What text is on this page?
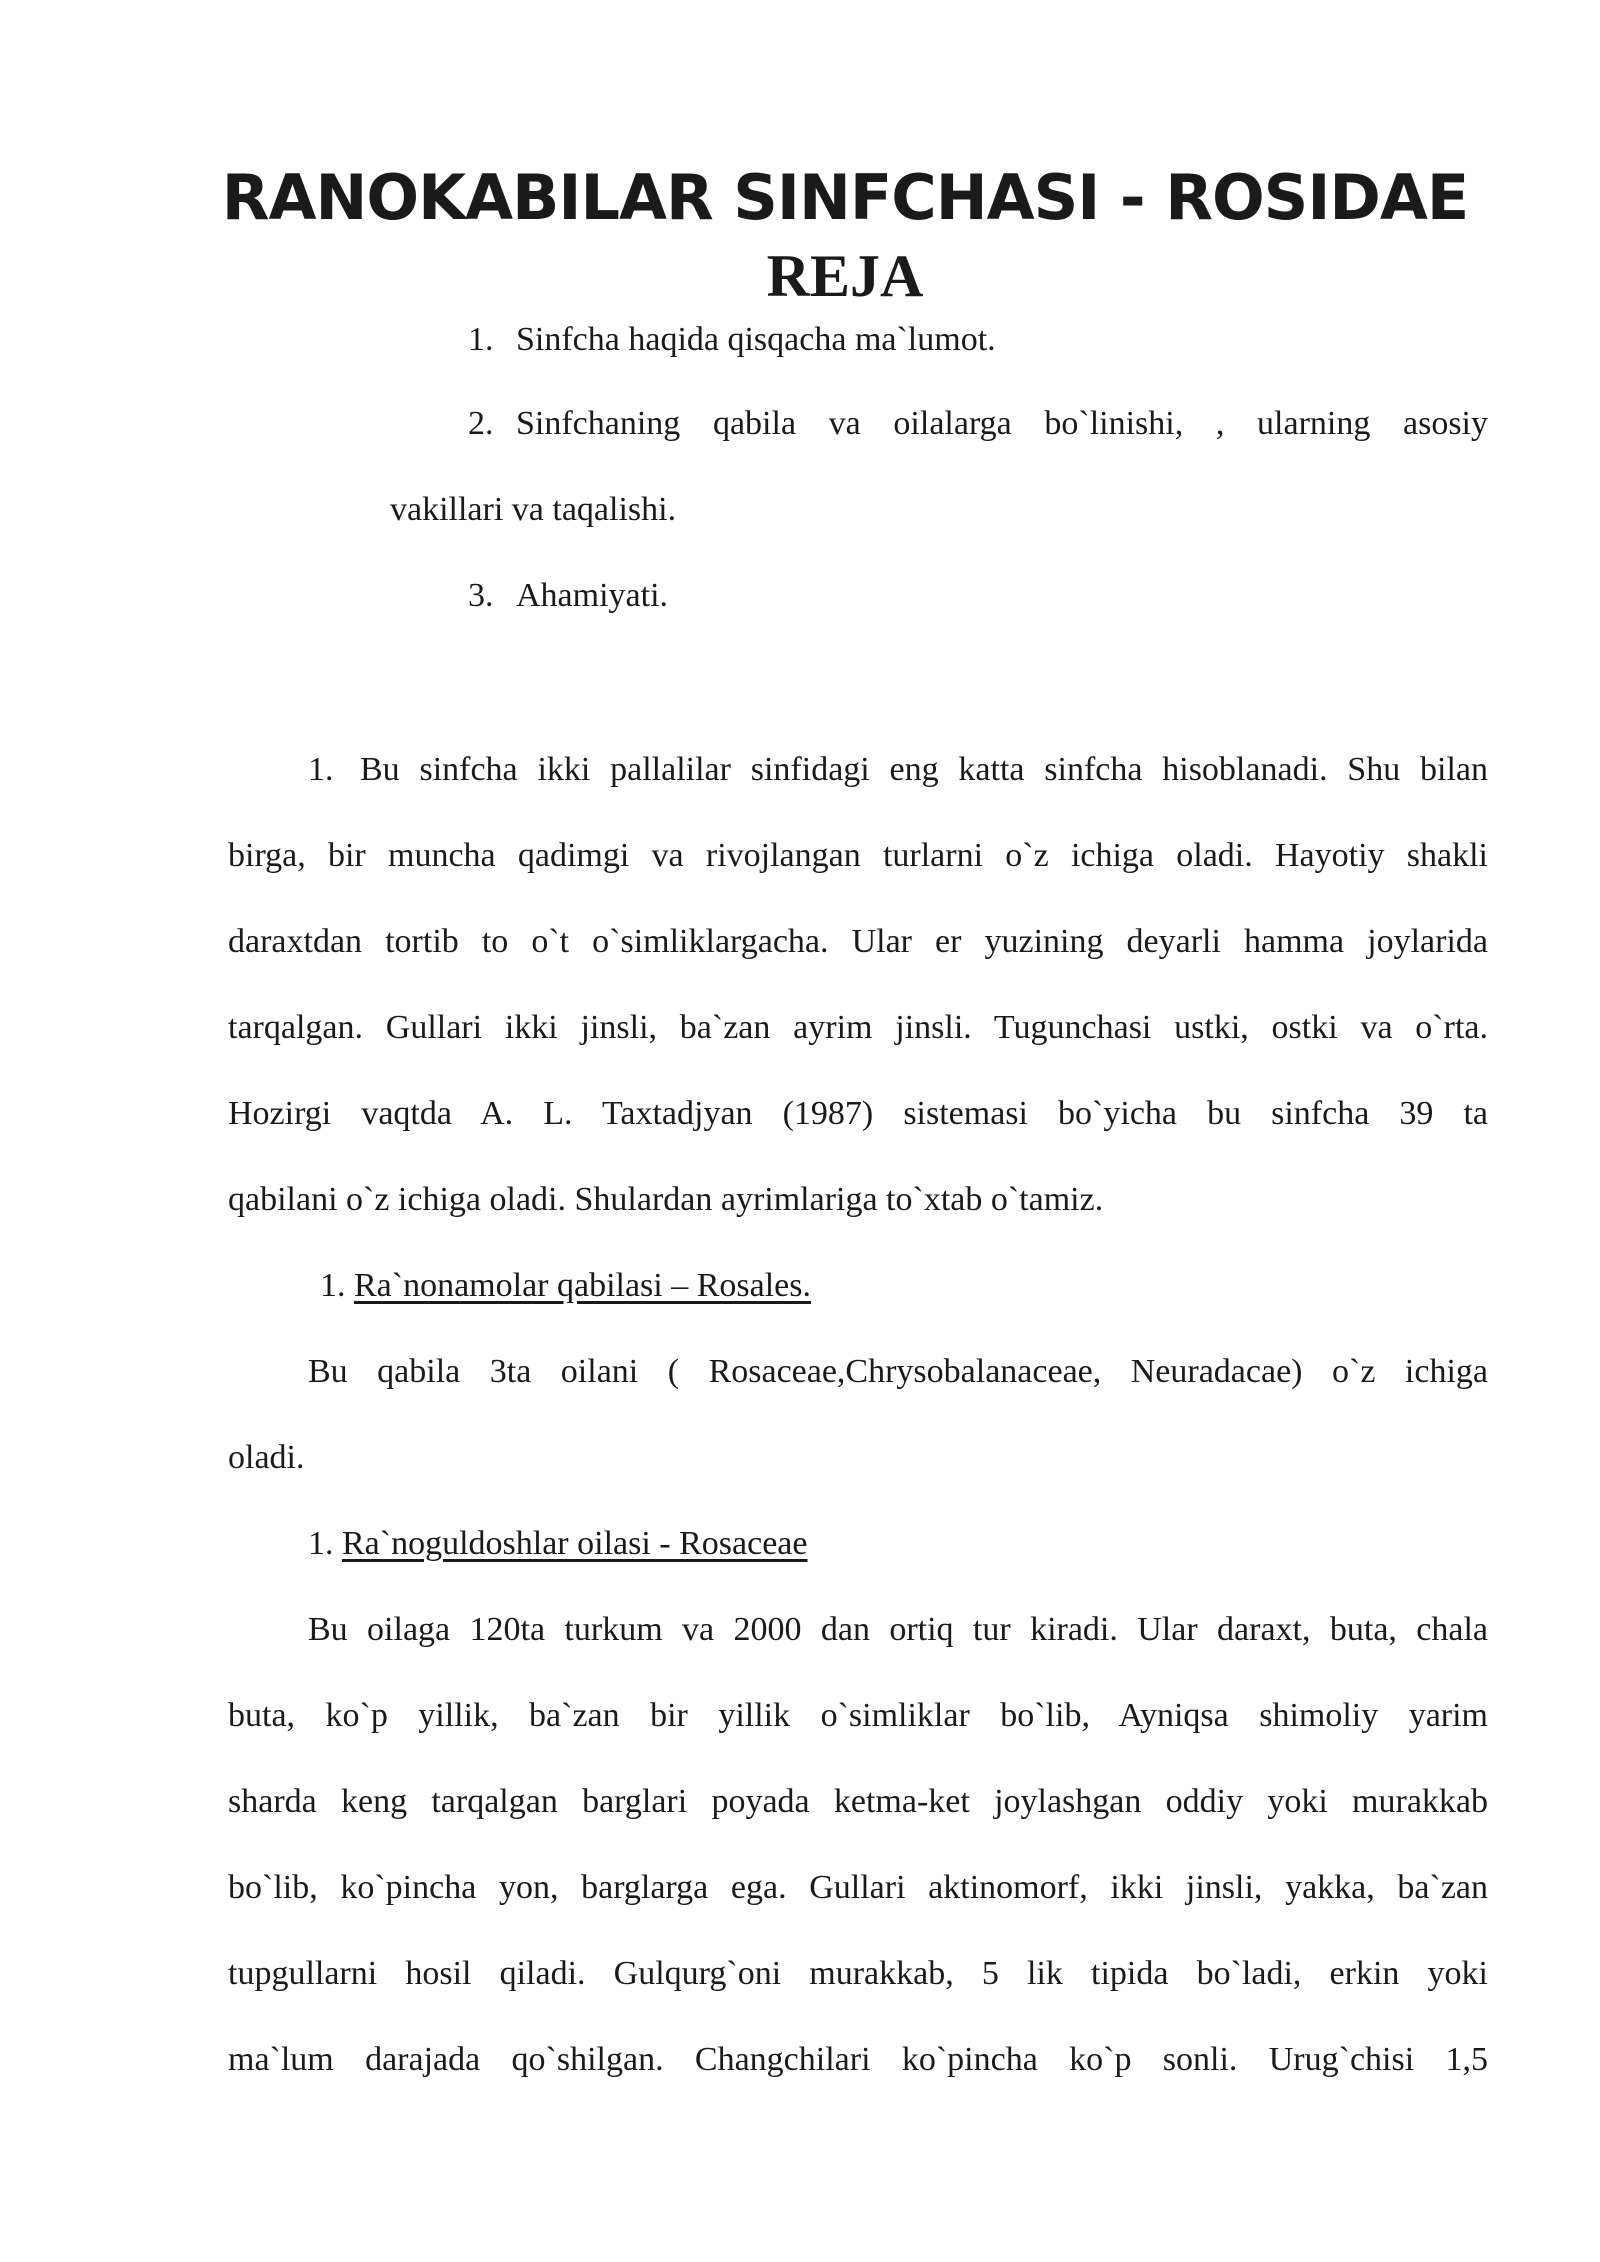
RANOKABILAR SINFCHASI - ROSIDAE
REJA
1. Sinfcha haqida qisqacha ma`lumot.
2. Sinfchaning qabila va oilalarga bo`linishi, , ularning asosiy
vakillari va taqalishi.
3. Ahamiyati.
1. Bu sinfcha ikki pallalilar sinfidagi eng katta sinfcha hisoblanadi. Shu bilan
birga, bir muncha qadimgi va rivojlangan turlarni o`z ichiga oladi. Hayotiy shakli
daraxtdan tortib to o`t o`simliklargacha. Ular er yuzining deyarli hamma joylarida
tarqalgan. Gullari ikki jinsli, ba`zan ayrim jinsli. Tugunchasi ustki, ostki va o`rta.
Hozirgi vaqtda A. L. Taxtadjyan (1987) sistemasi bo`yicha bu sinfcha 39 ta
qabilani o`z ichiga oladi. Shulardan ayrimlariga to`xtab o`tamiz.
1. Ra`nonamolar qabilasi – Rosales.
Bu qabila 3ta oilani ( Rosaceae,Chrysobalanaceae, Neuradacae) o`z ichiga
oladi.
1. Ra`noguldoshlar oilasi - Rosaceae
Bu oilaga 120ta turkum va 2000 dan ortiq tur kiradi. Ular daraxt, buta, chala
buta, ko`p yillik, ba`zan bir yillik o`simliklar bo`lib, Ayniqsa shimoliy yarim
sharda keng tarqalgan barglari poyada ketma-ket joylashgan oddiy yoki murakkab
bo`lib, ko`pincha yon, barglarga ega. Gullari aktinomorf, ikki jinsli, yakka, ba`zan
tupgullarni hosil qiladi. Gulqurg`oni murakkab, 5 lik tipida bo`ladi, erkin yoki
ma`lum darajada qo`shilgan. Changchilari ko`pincha ko`p sonli. Urug`chisi 1,5
